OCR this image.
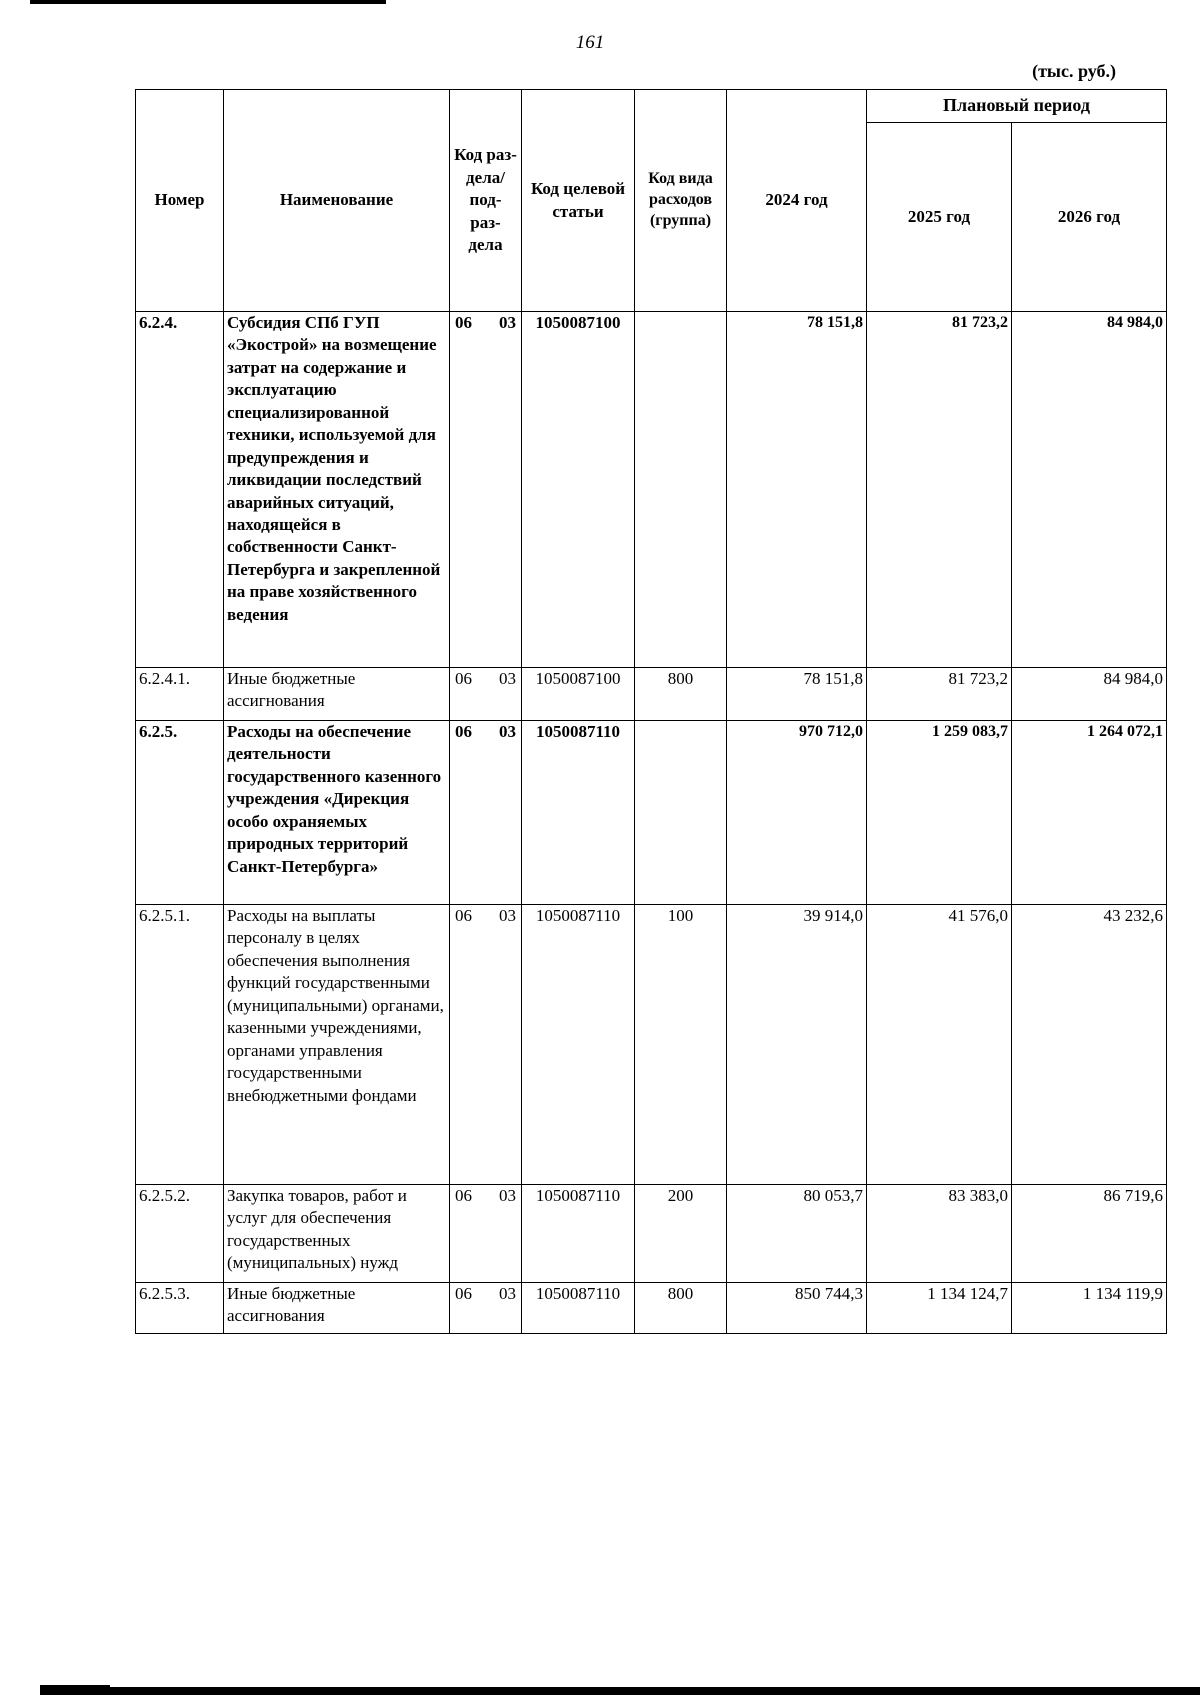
161
(тыс. руб.)
Номер	Наименование	Код раз- дела/ под- раз- дела	Код целевой статьи	Код вида расходов (группа)	2024 год	Плановый период	
						2025 год	2026 год
6.2.4.	Субсидия СПб ГУП «Экострой» на возмещение затрат на содержание и эксплуатацию специализированной техники, используемой для предупреждения и ликвидации последствий аварийных ситуаций, находящейся в собственности Санкт-Петербурга и закрепленной на праве хозяйственного ведения	06 03	1050087100		78 151,8	81 723,2	84 984,0
6.2.4.1.	Иные бюджетные ассигнования	06 03	1050087100	800	78 151,8	81 723,2	84 984,0
6.2.5.	Расходы на обеспечение деятельности государственного казенного учреждения «Дирекция особо охраняемых природных территорий Санкт-Петербурга»	06 03	1050087110		970 712,0	1 259 083,7	1 264 072,1
6.2.5.1.	Расходы на выплаты персоналу в целях обеспечения выполнения функций государственными (муниципальными) органами, казенными учреждениями, органами управления государственными внебюджетными фондами	06 03	1050087110	100	39 914,0	41 576,0	43 232,6
6.2.5.2.	Закупка товаров, работ и услуг для обеспечения государственных (муниципальных) нужд	06 03	1050087110	200	80 053,7	83 383,0	86 719,6
6.2.5.3.	Иные бюджетные ассигнования	06 03	1050087110	800	850 744,3	1 134 124,7	1 134 119,9
